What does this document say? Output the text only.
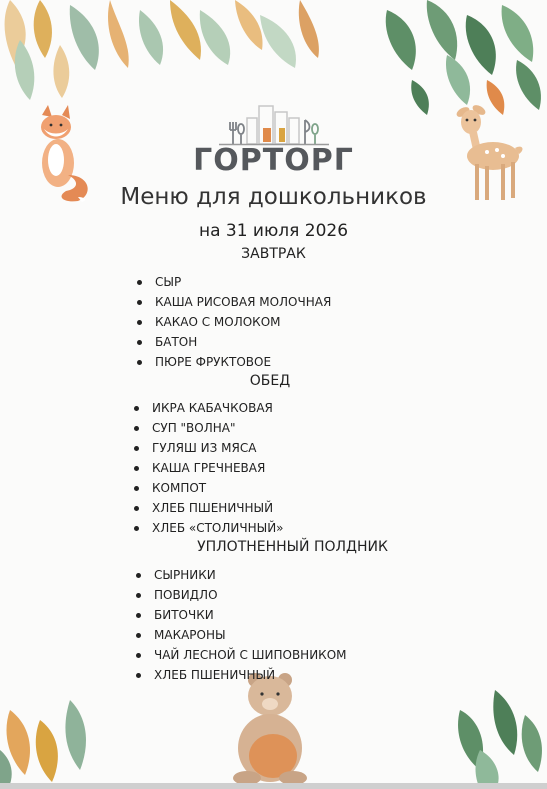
ГОРТОРГ
Меню для дошкольников
на 31 июля 2026
ЗАВТРАК
СЫР
КАША РИСОВАЯ МОЛОЧНАЯ
КАКАО С МОЛОКОМ
БАТОН
ПЮРЕ ФРУКТОВОЕ
ОБЕД
ИКРА КАБАЧКОВАЯ
СУП "ВОЛНА"
ГУЛЯШ ИЗ МЯСА
КАША ГРЕЧНЕВАЯ
КОМПОТ
ХЛЕБ ПШЕНИЧНЫЙ
ХЛЕБ «СТОЛИЧНЫЙ»
УПЛОТНЕННЫЙ ПОЛДНИК
СЫРНИКИ
ПОВИДЛО
БИТОЧКИ
МАКАРОНЫ
ЧАЙ ЛЕСНОЙ С ШИПОВНИКОМ
ХЛЕБ ПШЕНИЧНЫЙ
